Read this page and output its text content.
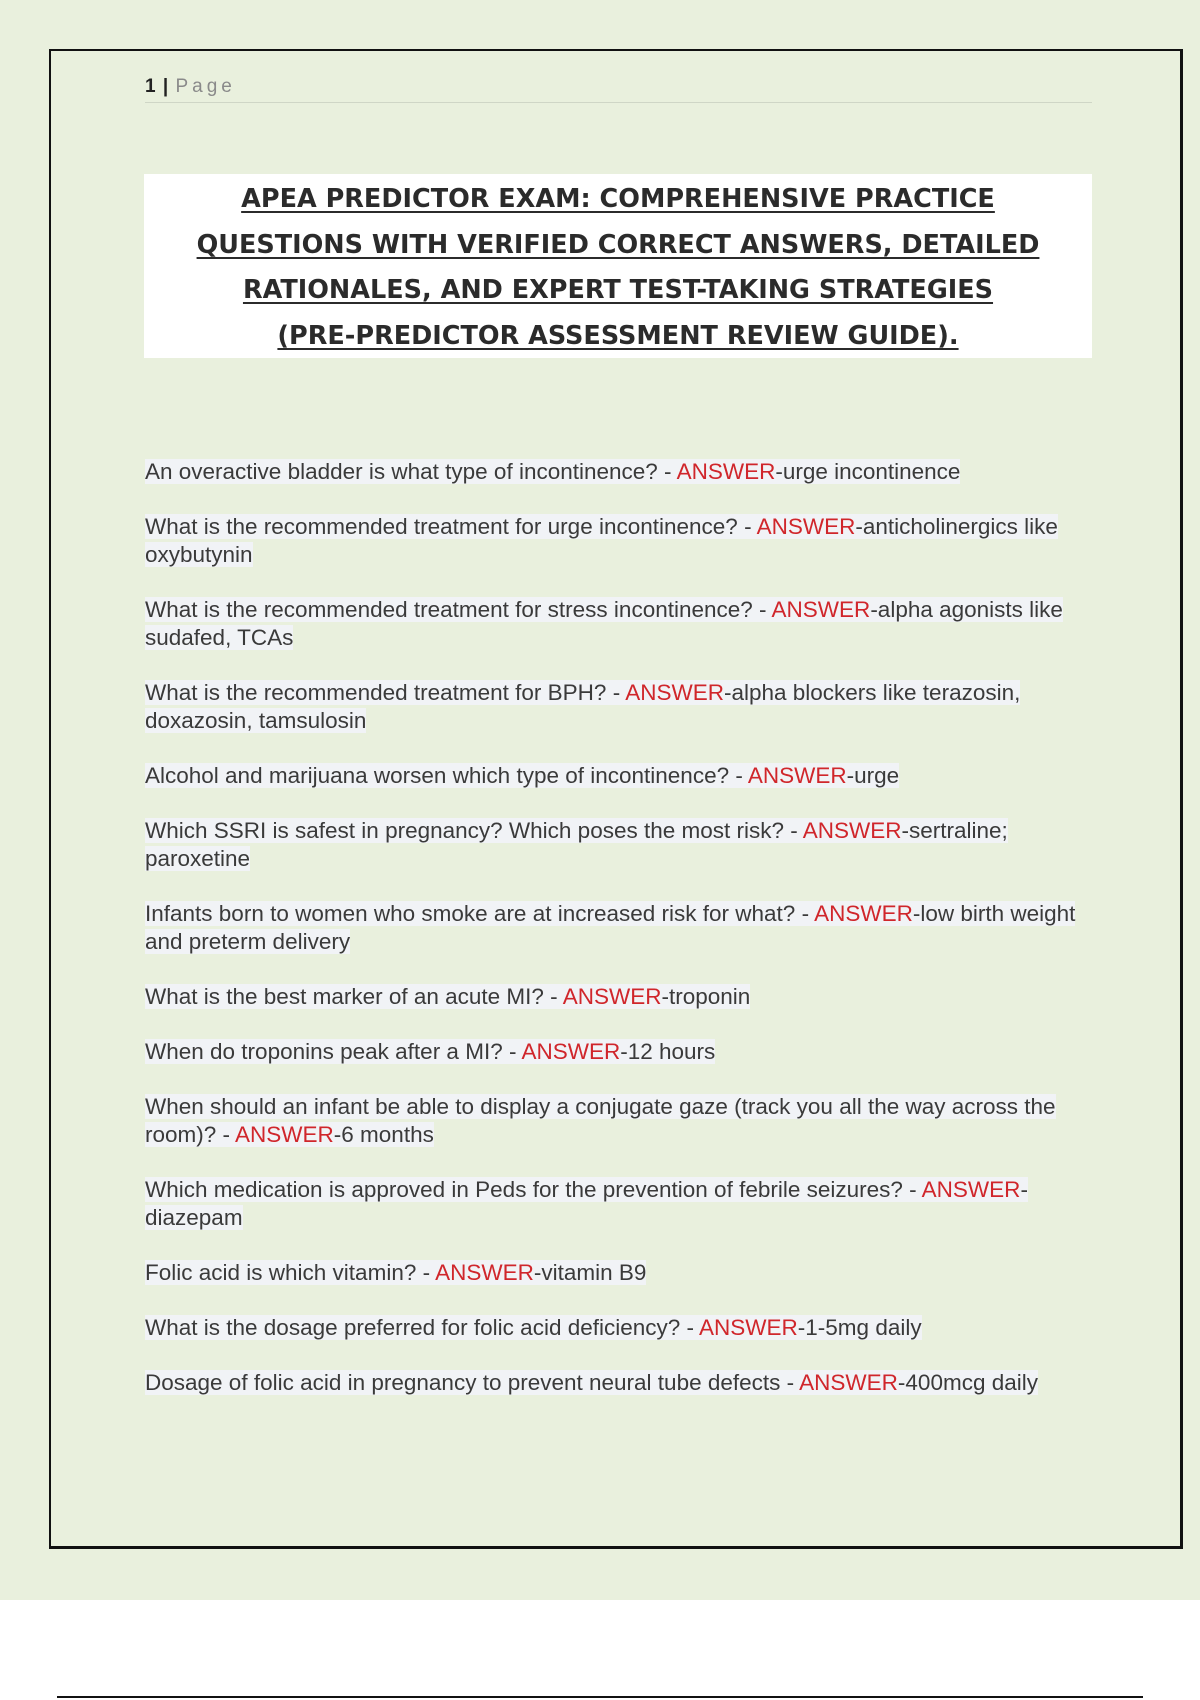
1 | Page
APEA PREDICTOR EXAM: COMPREHENSIVE PRACTICE
QUESTIONS WITH VERIFIED CORRECT ANSWERS, DETAILED
RATIONALES, AND EXPERT TEST-TAKING STRATEGIES
(PRE-PREDICTOR ASSESSMENT REVIEW GUIDE).

An overactive bladder is what type of incontinence? - ANSWER-urge incontinence

What is the recommended treatment for urge incontinence? - ANSWER-anticholinergics like oxybutynin

What is the recommended treatment for stress incontinence? - ANSWER-alpha agonists like sudafed, TCAs

What is the recommended treatment for BPH? - ANSWER-alpha blockers like terazosin, doxazosin, tamsulosin

Alcohol and marijuana worsen which type of incontinence? - ANSWER-urge

Which SSRI is safest in pregnancy? Which poses the most risk? - ANSWER-sertraline; paroxetine

Infants born to women who smoke are at increased risk for what? - ANSWER-low birth weight and preterm delivery

What is the best marker of an acute MI? - ANSWER-troponin

When do troponins peak after a MI? - ANSWER-12 hours

When should an infant be able to display a conjugate gaze (track you all the way across the room)? - ANSWER-6 months

Which medication is approved in Peds for the prevention of febrile seizures? - ANSWER-diazepam

Folic acid is which vitamin? - ANSWER-vitamin B9

What is the dosage preferred for folic acid deficiency? - ANSWER-1-5mg daily

Dosage of folic acid in pregnancy to prevent neural tube defects - ANSWER-400mcg daily
